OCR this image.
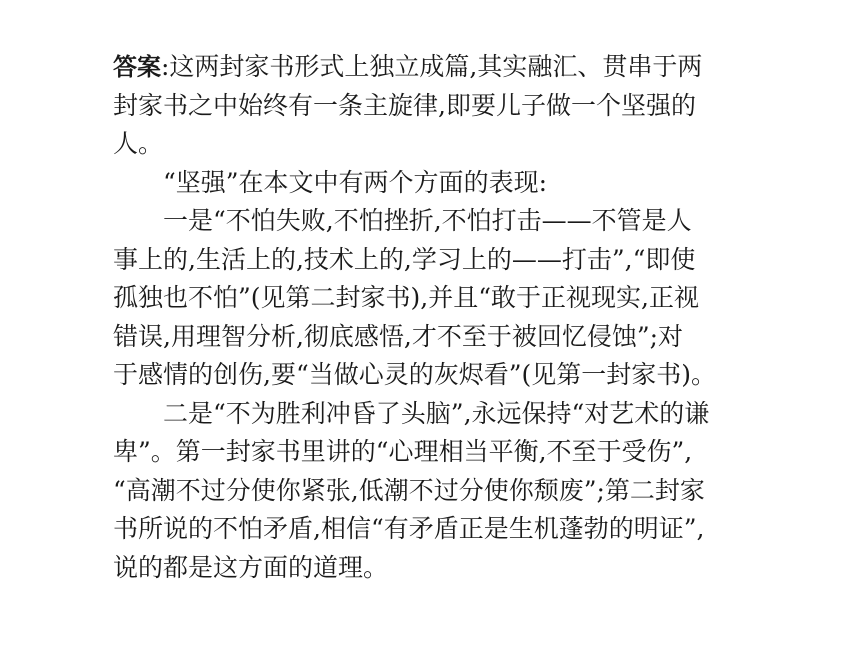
答案:这两封家书形式上独立成篇,其实融汇、贯串于两
封家书之中始终有一条主旋律,即要儿子做一个坚强的
人。
“坚强”在本文中有两个方面的表现:
一是“不怕失败,不怕挫折,不怕打击——不管是人
事上的,生活上的,技术上的,学习上的——打击”,“即使
孤独也不怕”(见第二封家书),并且“敢于正视现实,正视
错误,用理智分析,彻底感悟,才不至于被回忆侵蚀”;对
于感情的创伤,要“当做心灵的灰烬看”(见第一封家书)。
二是“不为胜利冲昏了头脑”,永远保持“对艺术的谦
卑”。第一封家书里讲的“心理相当平衡,不至于受伤”,
“高潮不过分使你紧张,低潮不过分使你颓废”;第二封家
书所说的不怕矛盾,相信“有矛盾正是生机蓬勃的明证”,
说的都是这方面的道理。
